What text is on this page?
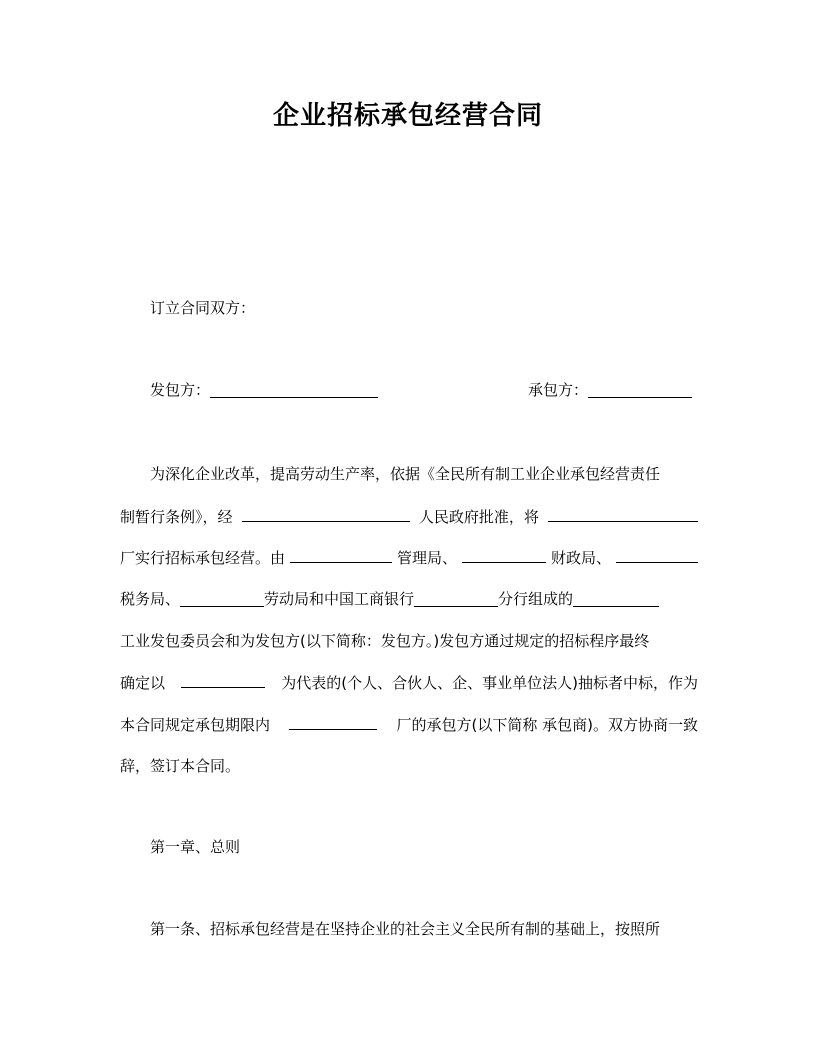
企业招标承包经营合同
订立合同双方：
发包方：	承包方：
为深化企业改革，提高劳动生产率，依据《全民所有制工业企业承包经营责任
制暂行条例》，经	人民政府批准，将
厂实行招标承包经营。由	管理局、	财政局、
税务局、	劳动局和中国工商银行	分行组成的
工业发包委员会和为发包方(以下简称：发包方。)发包方通过规定的招标程序最终
确定以	为代表的(个人、合伙人、企、事业单位法人)抽标者中标，作为
本合同规定承包期限内	厂的承包方(以下简称 承包商)。双方协商一致
辞，签订本合同。
第一章、总则
第一条、招标承包经营是在坚持企业的社会主义全民所有制的基础上，按照所
